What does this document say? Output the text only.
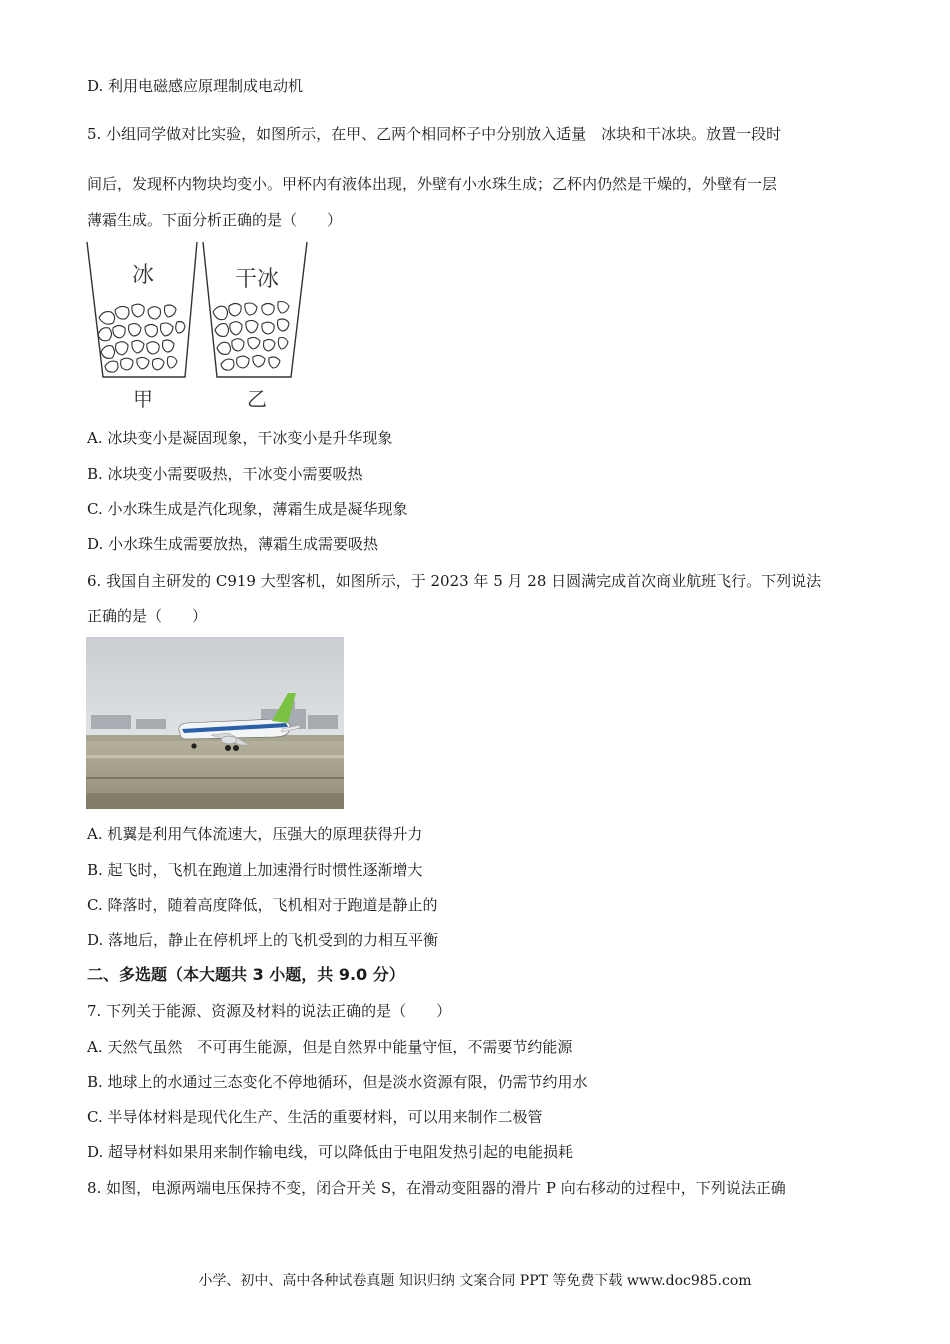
D. 利用电磁感应原理制成电动机
5. 小组同学做对比实验，如图所示，在甲、乙两个相同杯子中分别放入适量　冰块和干冰块。放置一段时
间后，发现杯内物块均变小。甲杯内有液体出现，外壁有小水珠生成；乙杯内仍然是干燥的，外壁有一层
薄霜生成。下面分析正确的是（　　）
冰	干冰
甲	乙
A. 冰块变小是凝固现象，干冰变小是升华现象
B. 冰块变小需要吸热，干冰变小需要吸热
C. 小水珠生成是汽化现象，薄霜生成是凝华现象
D. 小水珠生成需要放热，薄霜生成需要吸热
6. 我国自主研发的 C919 大型客机，如图所示，于 2023 年 5 月 28 日圆满完成首次商业航班飞行。下列说法
正确的是（　　）
A. 机翼是利用气体流速大，压强大的原理获得升力
B. 起飞时，飞机在跑道上加速滑行时惯性逐渐增大
C. 降落时，随着高度降低，飞机相对于跑道是静止的
D. 落地后，静止在停机坪上的飞机受到的力相互平衡
二、多选题（本大题共 3 小题，共 9.0 分）
7. 下列关于能源、资源及材料的说法正确的是（　　）
A. 天然气虽然　不可再生能源，但是自然界中能量守恒，不需要节约能源
B. 地球上的水通过三态变化不停地循环，但是淡水资源有限，仍需节约用水
C. 半导体材料是现代化生产、生活的重要材料，可以用来制作二极管
D. 超导材料如果用来制作输电线，可以降低由于电阻发热引起的电能损耗
8. 如图，电源两端电压保持不变，闭合开关 S，在滑动变阻器的滑片 P 向右移动的过程中，下列说法正确
小学、初中、高中各种试卷真题 知识归纳 文案合同 PPT 等免费下载 www.doc985.com
